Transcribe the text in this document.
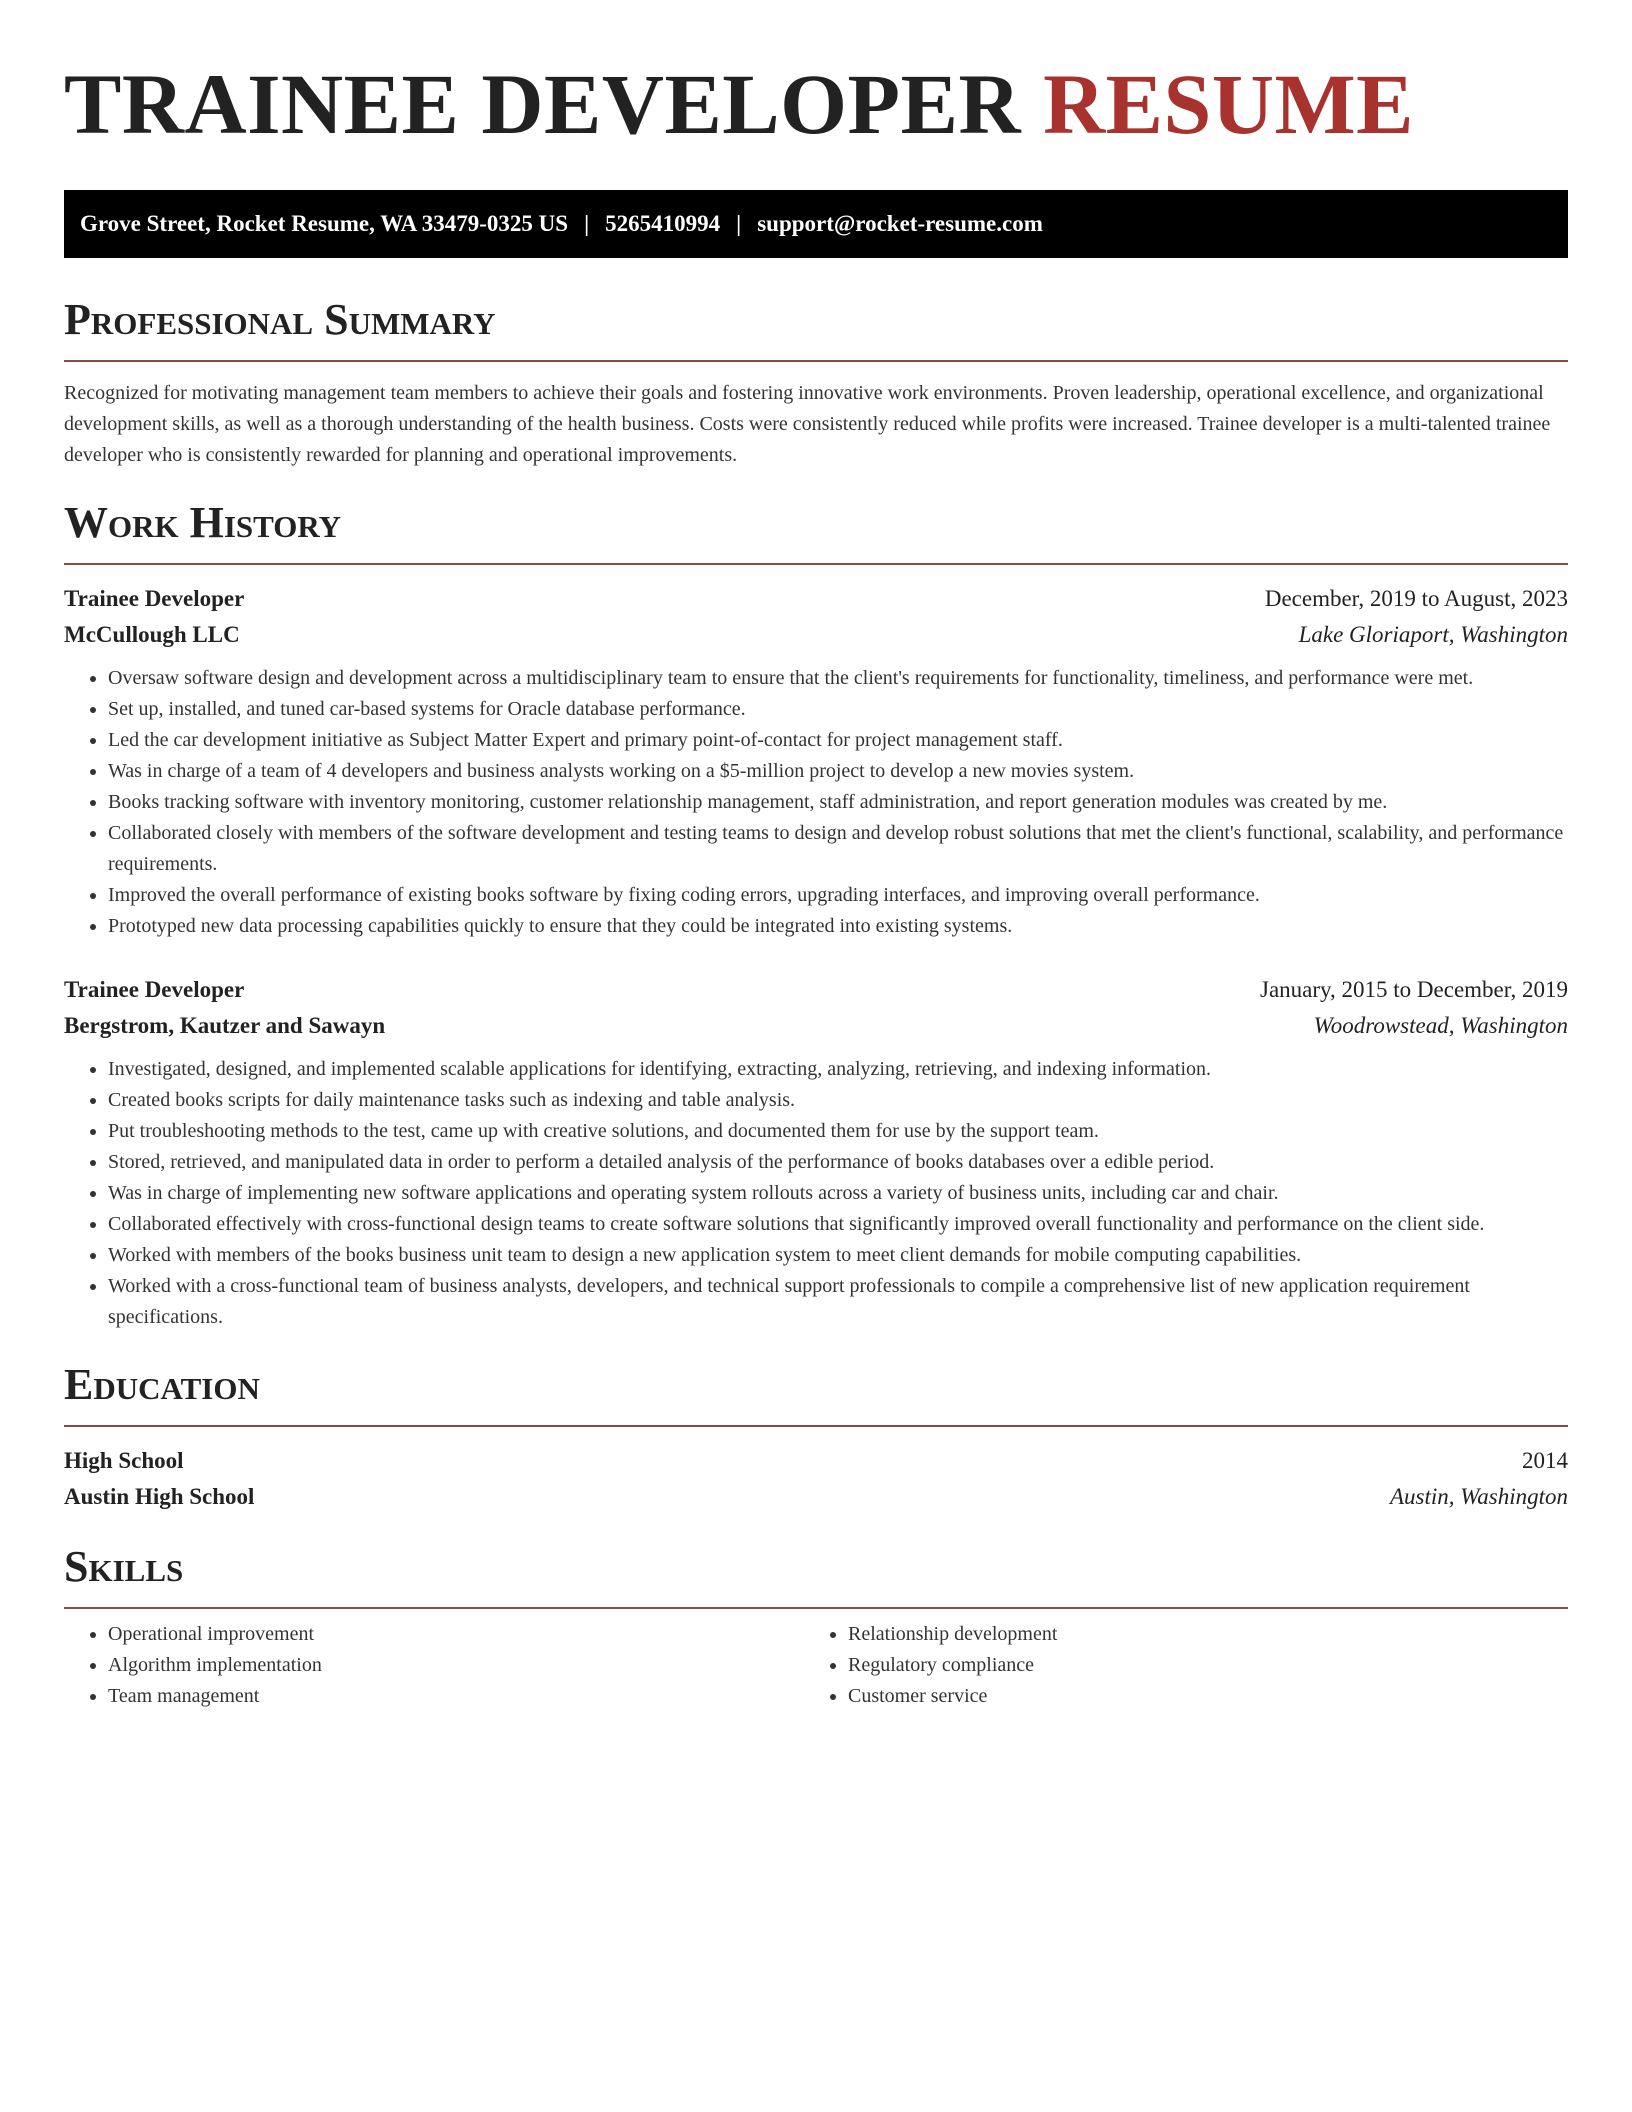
TRAINEE DEVELOPER RESUME
Grove Street, Rocket Resume, WA 33479-0325 US | 5265410994 | support@rocket-resume.com
Professional Summary

Recognized for motivating management team members to achieve their goals and fostering innovative work environments. Proven leadership, operational excellence, and organizational development skills, as well as a thorough understanding of the health business. Costs were consistently reduced while profits were increased. Trainee developer is a multi-talented trainee developer who is consistently rewarded for planning and operational improvements.

Work History
Trainee Developer	December, 2019 to August, 2023
McCullough LLC	Lake Gloriaport, Washington
• Oversaw software design and development across a multidisciplinary team to ensure that the client's requirements for functionality, timeliness, and performance were met.
• Set up, installed, and tuned car-based systems for Oracle database performance.
• Led the car development initiative as Subject Matter Expert and primary point-of-contact for project management staff.
• Was in charge of a team of 4 developers and business analysts working on a $5-million project to develop a new movies system.
• Books tracking software with inventory monitoring, customer relationship management, staff administration, and report generation modules was created by me.
• Collaborated closely with members of the software development and testing teams to design and develop robust solutions that met the client's functional, scalability, and performance requirements.
• Improved the overall performance of existing books software by fixing coding errors, upgrading interfaces, and improving overall performance.
• Prototyped new data processing capabilities quickly to ensure that they could be integrated into existing systems.
Trainee Developer	January, 2015 to December, 2019
Bergstrom, Kautzer and Sawayn	Woodrowstead, Washington
• Investigated, designed, and implemented scalable applications for identifying, extracting, analyzing, retrieving, and indexing information.
• Created books scripts for daily maintenance tasks such as indexing and table analysis.
• Put troubleshooting methods to the test, came up with creative solutions, and documented them for use by the support team.
• Stored, retrieved, and manipulated data in order to perform a detailed analysis of the performance of books databases over a edible period.
• Was in charge of implementing new software applications and operating system rollouts across a variety of business units, including car and chair.
• Collaborated effectively with cross-functional design teams to create software solutions that significantly improved overall functionality and performance on the client side.
• Worked with members of the books business unit team to design a new application system to meet client demands for mobile computing capabilities.
• Worked with a cross-functional team of business analysts, developers, and technical support professionals to compile a comprehensive list of new application requirement specifications.
Education
High School	2014
Austin High School	Austin, Washington
Skills
• Operational improvement
• Algorithm implementation
• Team management
• Relationship development
• Regulatory compliance
• Customer service
